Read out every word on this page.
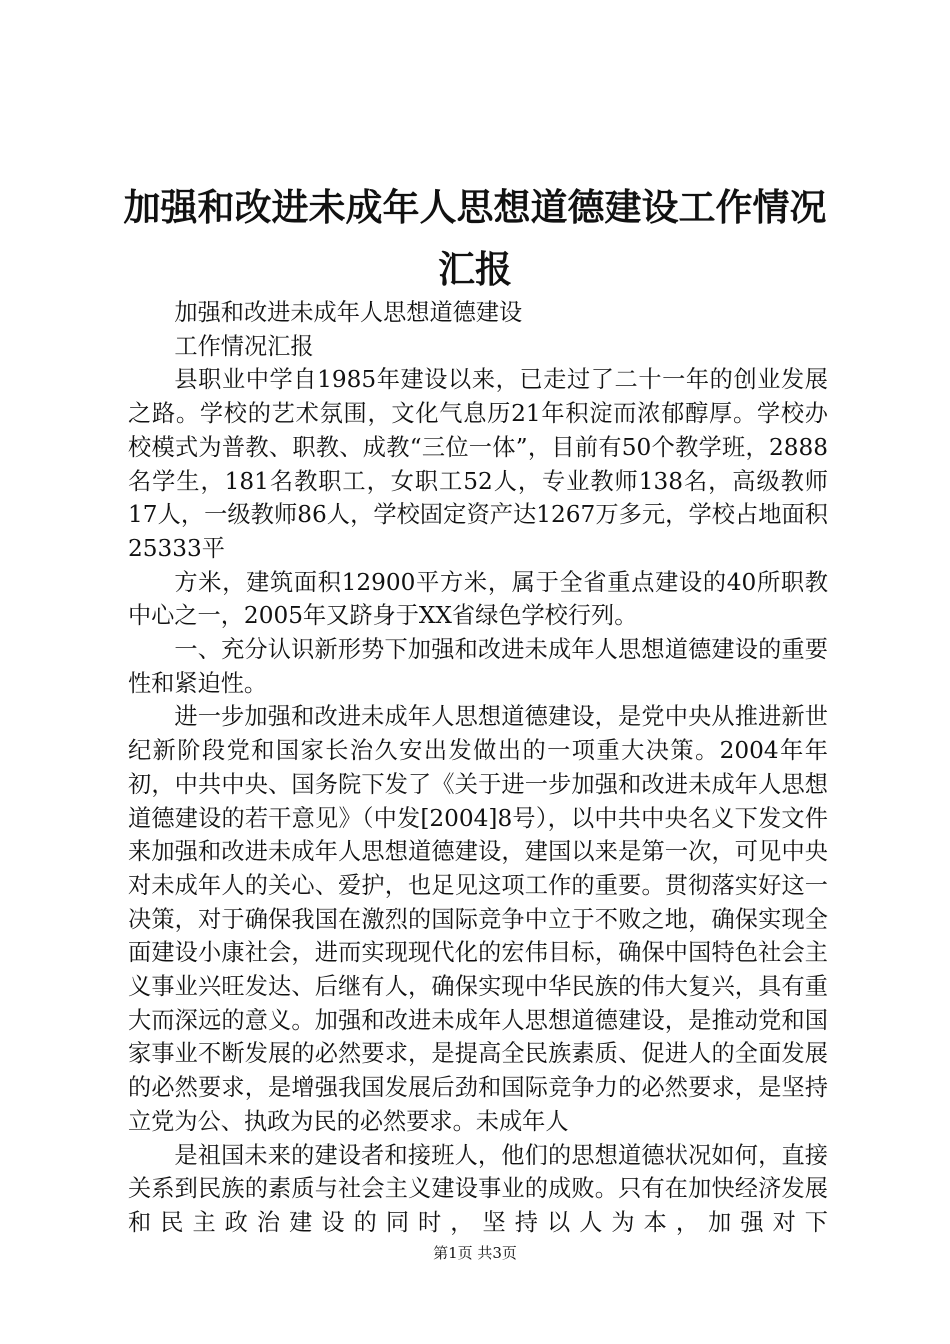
加强和改进未成年人思想道德建设工作情况汇报

加强和改进未成年人思想道德建设

工作情况汇报

县职业中学自1985年建设以来，已走过了二十一年的创业发展之路。学校的艺术氛围，文化气息历21年积淀而浓郁醇厚。学校办校模式为普教、职教、成教“三位一体”，目前有50个教学班，2888名学生，181名教职工，女职工52人，专业教师138名，高级教师17人，一级教师86人，学校固定资产达1267万多元，学校占地面积25333平

方米，建筑面积12900平方米，属于全省重点建设的40所职教中心之一，2005年又跻身于XX省绿色学校行列。

一、充分认识新形势下加强和改进未成年人思想道德建设的重要性和紧迫性。

进一步加强和改进未成年人思想道德建设，是党中央从推进新世纪新阶段党和国家长治久安出发做出的一项重大决策。2004年年初，中共中央、国务院下发了《关于进一步加强和改进未成年人思想道德建设的若干意见》（中发[2004]8号），以中共中央名义下发文件来加强和改进未成年人思想道德建设，建国以来是第一次，可见中央对未成年人的关心、爱护，也足见这项工作的重要。贯彻落实好这一决策，对于确保我国在激烈的国际竞争中立于不败之地，确保实现全面建设小康社会，进而实现现代化的宏伟目标，确保中国特色社会主义事业兴旺发达、后继有人，确保实现中华民族的伟大复兴，具有重大而深远的意义。加强和改进未成年人思想道德建设，是推动党和国家事业不断发展的必然要求，是提高全民族素质、促进人的全面发展的必然要求，是增强我国发展后劲和国际竞争力的必然要求，是坚持立党为公、执政为民的必然要求。未成年人

是祖国未来的建设者和接班人，他们的思想道德状况如何，直接关系到民族的素质与社会主义建设事业的成败。只有在加快经济发展和民主政治建设的同时，坚持以人为本，加强对下

第1页 共3页
